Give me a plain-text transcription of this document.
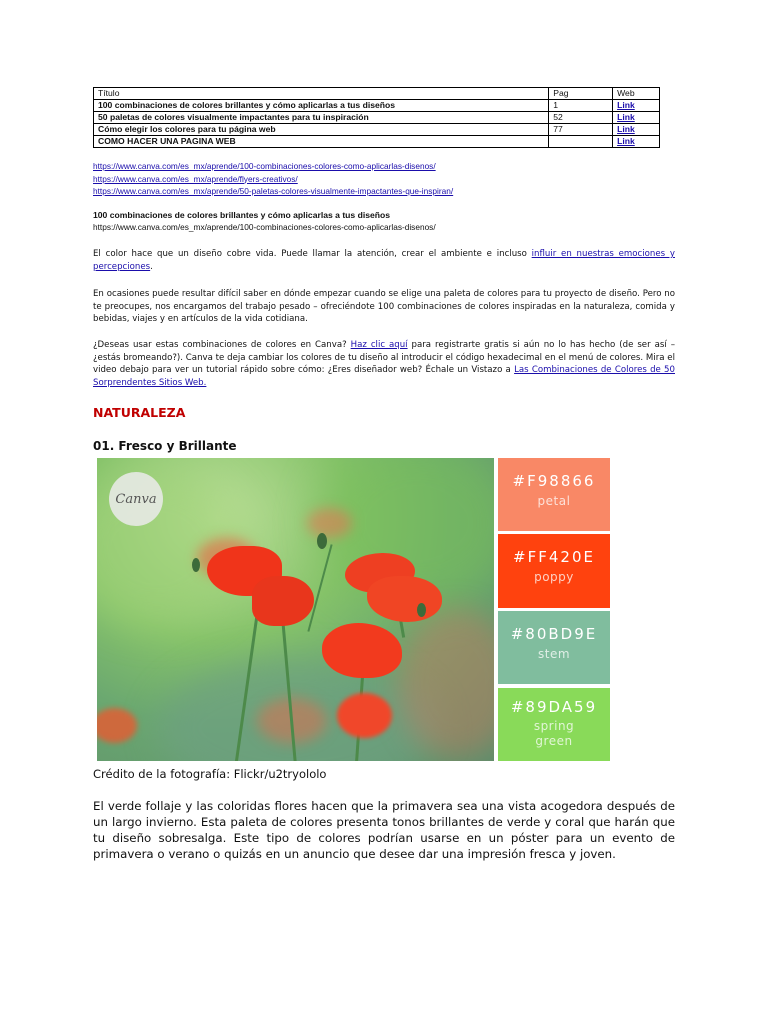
Título	Pag	Web
100 combinaciones de colores brillantes y cómo aplicarlas a tus diseños	1	Link
50 paletas de colores visualmente impactantes para tu inspiración	52	Link
Cómo elegir los colores para tu página web	77	Link
COMO HACER UNA PAGINA WEB		Link
https://www.canva.com/es_mx/aprende/100-combinaciones-colores-como-aplicarlas-disenos/
https://www.canva.com/es_mx/aprende/flyers-creativos/
https://www.canva.com/es_mx/aprende/50-paletas-colores-visualmente-impactantes-que-inspiran/
100 combinaciones de colores brillantes y cómo aplicarlas a tus diseños
https://www.canva.com/es_mx/aprende/100-combinaciones-colores-como-aplicarlas-disenos/
El color hace que un diseño cobre vida. Puede llamar la atención, crear el ambiente e incluso influir en nuestras emociones y percepciones.
En ocasiones puede resultar difícil saber en dónde empezar cuando se elige una paleta de colores para tu proyecto de diseño. Pero no te preocupes, nos encargamos del trabajo pesado – ofreciéndote 100 combinaciones de colores inspiradas en la naturaleza, comida y bebidas, viajes y en artículos de la vida cotidiana.
¿Deseas usar estas combinaciones de colores en Canva? Haz clic aquí para registrarte gratis si aún no lo has hecho (de ser así – ¿estás bromeando?). Canva te deja cambiar los colores de tu diseño al introducir el código hexadecimal en el menú de colores. Mira el video debajo para ver un tutorial rápido sobre cómo: ¿Eres diseñador web? Échale un Vistazo a Las Combinaciones de Colores de 50 Sorprendentes Sitios Web.
NATURALEZA
01. Fresco y Brillante
Canva
#F98866
petal
#FF420E
poppy
#80BD9E
stem
#89DA59
spring green
Crédito de la fotografía: Flickr/u2tryololo
El verde follaje y las coloridas flores hacen que la primavera sea una vista acogedora después de un largo invierno. Esta paleta de colores presenta tonos brillantes de verde y coral que harán que tu diseño sobresalga. Este tipo de colores podrían usarse en un póster para un evento de primavera o verano o quizás en un anuncio que desee dar una impresión fresca y joven.
